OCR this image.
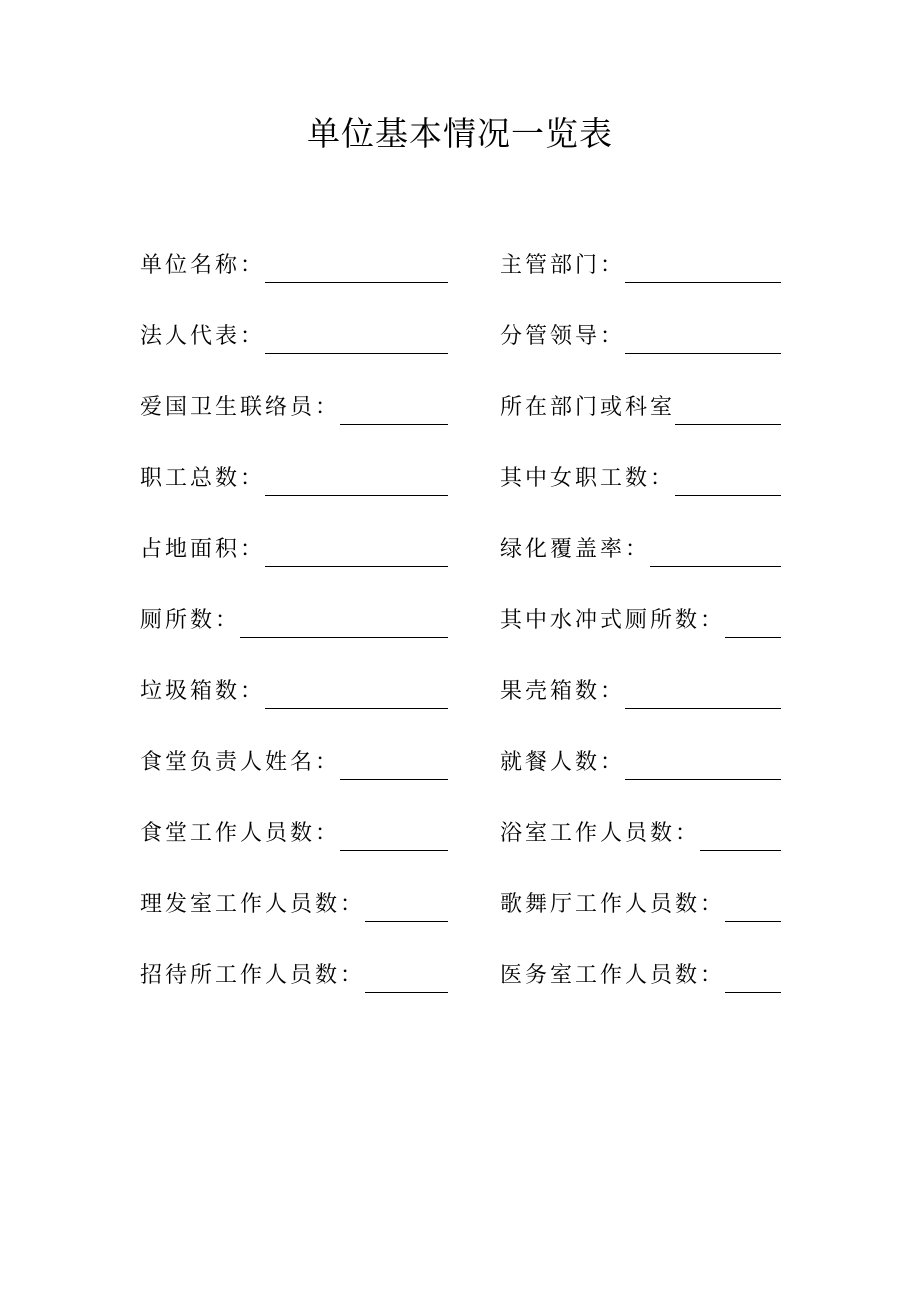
单位基本情况一览表
单位名称：	主管部门：
法人代表：	分管领导：
爱国卫生联络员：	所在部门或科室
职工总数：	其中女职工数：
占地面积：	绿化覆盖率：
厕所数：	其中水冲式厕所数：
垃圾箱数：	果壳箱数：
食堂负责人姓名：	就餐人数：
食堂工作人员数：	浴室工作人员数：
理发室工作人员数：	歌舞厅工作人员数：
招待所工作人员数：	医务室工作人员数：
